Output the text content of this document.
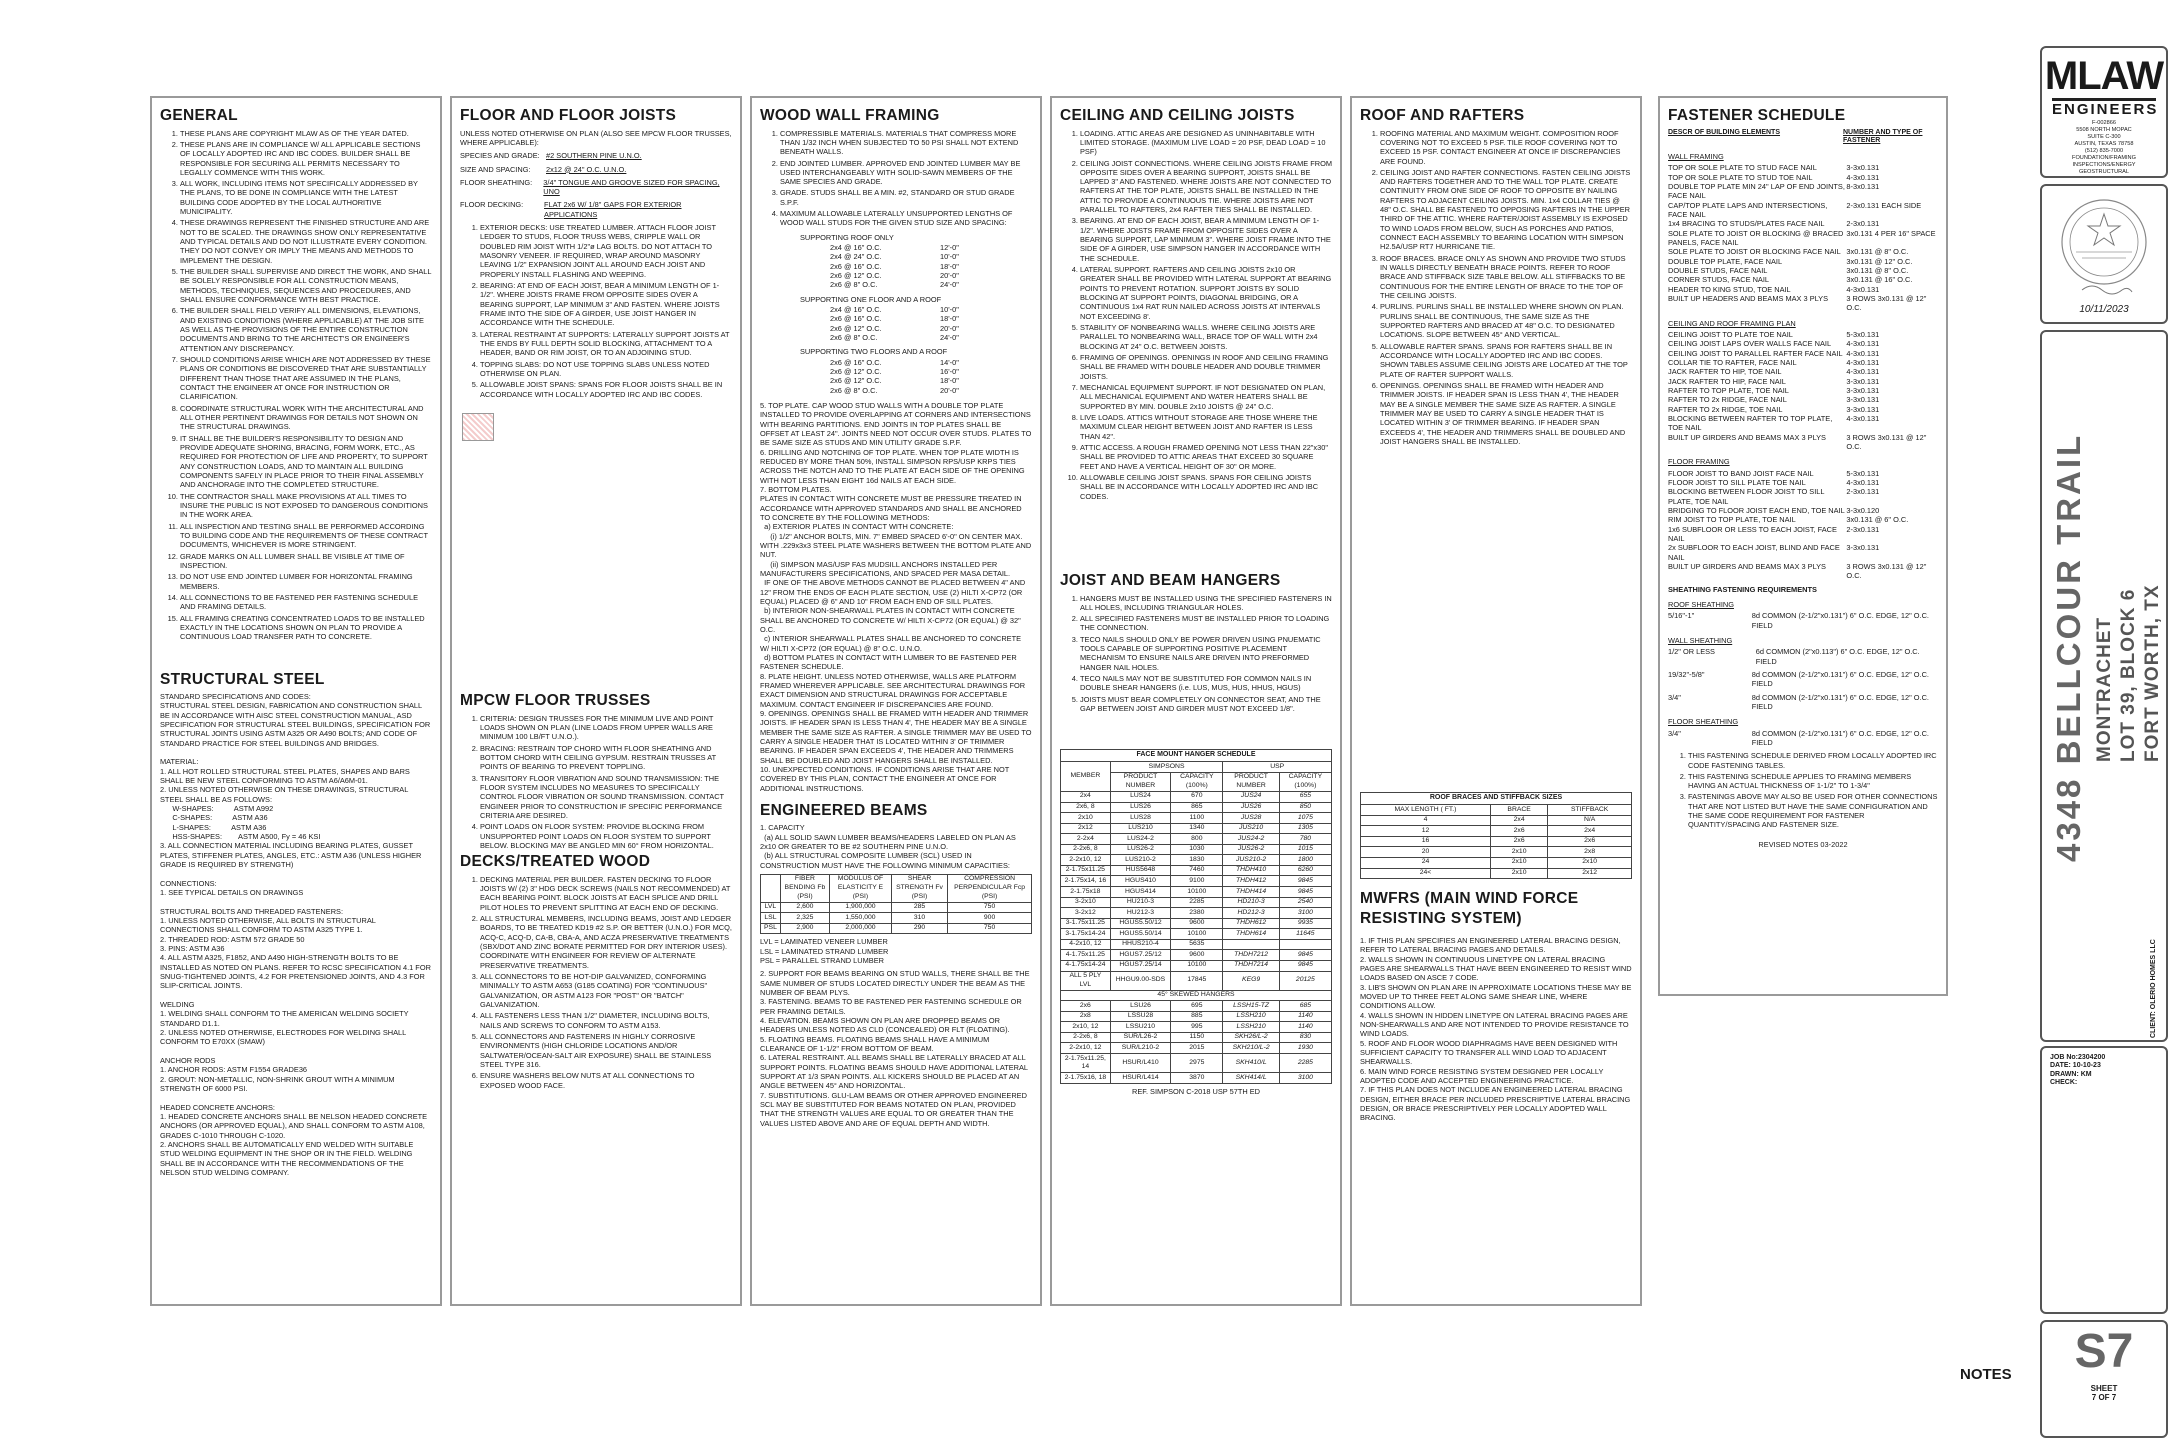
GENERAL
1. THESE PLANS ARE COPYRIGHT MLAW AS OF THE YEAR DATED.
2. THESE PLANS ARE IN COMPLIANCE W/ ALL APPLICABLE SECTIONS OF LOCALLY ADOPTED IRC AND IBC CODES. BUILDER SHALL BE RESPONSIBLE FOR SECURING ALL PERMITS NECESSARY TO LEGALLY COMMENCE WITH THIS WORK.
3. ALL WORK, INCLUDING ITEMS NOT SPECIFICALLY ADDRESSED BY THE PLANS, TO BE DONE IN COMPLIANCE WITH THE LATEST BUILDING CODE ADOPTED BY THE LOCAL AUTHORITIVE MUNICIPALITY.
4. THESE DRAWINGS REPRESENT THE FINISHED STRUCTURE AND ARE NOT TO BE SCALED. THE DRAWINGS SHOW ONLY REPRESENTATIVE AND TYPICAL DETAILS AND DO NOT ILLUSTRATE EVERY CONDITION. THEY DO NOT CONVEY OR IMPLY THE MEANS AND METHODS TO IMPLEMENT THE DESIGN.
5. THE BUILDER SHALL SUPERVISE AND DIRECT THE WORK, AND SHALL BE SOLELY RESPONSIBLE FOR ALL CONSTRUCTION MEANS, METHODS, TECHNIQUES, SEQUENCES AND PROCEDURES, AND SHALL ENSURE CONFORMANCE WITH BEST PRACTICE.
6. THE BUILDER SHALL FIELD VERIFY ALL DIMENSIONS, ELEVATIONS, AND EXISTING CONDITIONS (WHERE APPLICABLE) AT THE JOB SITE AS WELL AS THE PROVISIONS OF THE ENTIRE CONSTRUCTION DOCUMENTS AND BRING TO THE ARCHITECT'S OR ENGINEER'S ATTENTION ANY DISCREPANCY.
7. SHOULD CONDITIONS ARISE WHICH ARE NOT ADDRESSED BY THESE PLANS OR CONDITIONS BE DISCOVERED THAT ARE SUBSTANTIALLY DIFFERENT THAN THOSE THAT ARE ASSUMED IN THE PLANS, CONTACT THE ENGINEER AT ONCE FOR INSTRUCTION OR CLARIFICATION.
8. COORDINATE STRUCTURAL WORK WITH THE ARCHITECTURAL AND ALL OTHER PERTINENT DRAWINGS FOR DETAILS NOT SHOWN ON THE STRUCTURAL DRAWINGS.
9. IT SHALL BE THE BUILDER'S RESPONSIBILITY TO DESIGN AND PROVIDE ADEQUATE SHORING, BRACING, FORM WORK, ETC., AS REQUIRED FOR PROTECTION OF LIFE AND PROPERTY, TO SUPPORT ANY CONSTRUCTION LOADS, AND TO MAINTAIN ALL BUILDING COMPONENTS SAFELY IN PLACE PRIOR TO THEIR FINAL ASSEMBLY AND ANCHORAGE INTO THE COMPLETED STRUCTURE.
10. THE CONTRACTOR SHALL MAKE PROVISIONS AT ALL TIMES TO INSURE THE PUBLIC IS NOT EXPOSED TO DANGEROUS CONDITIONS IN THE WORK AREA.
11. ALL INSPECTION AND TESTING SHALL BE PERFORMED ACCORDING TO BUILDING CODE AND THE REQUIREMENTS OF THESE CONTRACT DOCUMENTS, WHICHEVER IS MORE STRINGENT.
12. GRADE MARKS ON ALL LUMBER SHALL BE VISIBLE AT TIME OF INSPECTION.
13. DO NOT USE END JOINTED LUMBER FOR HORIZONTAL FRAMING MEMBERS.
14. ALL CONNECTIONS TO BE FASTENED PER FASTENING SCHEDULE AND FRAMING DETAILS.
15. ALL FRAMING CREATING CONCENTRATED LOADS TO BE INSTALLED EXACTLY IN THE LOCATIONS SHOWN ON PLAN TO PROVIDE A CONTINUOUS LOAD TRANSFER PATH TO CONCRETE.
STRUCTURAL STEEL
STANDARD SPECIFICATIONS AND CODES:
STRUCTURAL STEEL DESIGN, FABRICATION AND CONSTRUCTION SHALL BE IN ACCORDANCE WITH AISC STEEL CONSTRUCTION MANUAL, ASD SPECIFICATION FOR STRUCTURAL STEEL BUILDINGS, SPECIFICATION FOR STRUCTURAL JOINTS USING ASTM A325 OR A490 BOLTS; AND CODE OF STANDARD PRACTICE FOR STEEL BUILDINGS AND BRIDGES.

MATERIAL:
1. ALL HOT ROLLED STRUCTURAL STEEL PLATES, SHAPES AND BARS SHALL BE NEW STEEL CONFORMING TO ASTM A6/A6M-01.
2. UNLESS NOTED OTHERWISE ON THESE DRAWINGS, STRUCTURAL STEEL SHALL BE AS FOLLOWS:
W-SHAPES:          ASTM A992
C-SHAPES:          ASTM A36
L-SHAPES:          ASTM A36
HSS-SHAPES:        ASTM A500, Fy = 46 KSI
3. ALL CONNECTION MATERIAL INCLUDING BEARING PLATES, GUSSET PLATES, STIFFENER PLATES, ANGLES, ETC.: ASTM A36 (UNLESS HIGHER GRADE IS REQUIRED BY STRENGTH)

CONNECTIONS:
1. SEE TYPICAL DETAILS ON DRAWINGS

STRUCTURAL BOLTS AND THREADED FASTENERS:
1. UNLESS NOTED OTHERWISE, ALL BOLTS IN STRUCTURAL CONNECTIONS SHALL CONFORM TO ASTM A325 TYPE 1.
2. THREADED ROD: ASTM 572 GRADE 50
3. PINS: ASTM A36
4. ALL ASTM A325, F1852, AND A490 HIGH-STRENGTH BOLTS TO BE INSTALLED AS NOTED ON PLANS. REFER TO RCSC SPECIFICATION 4.1 FOR SNUG-TIGHTENED JOINTS, 4.2 FOR PRETENSIONED JOINTS, AND 4.3 FOR SLIP-CRITICAL JOINTS.

WELDING
1. WELDING SHALL CONFORM TO THE AMERICAN WELDING SOCIETY STANDARD D1.1.
2. UNLESS NOTED OTHERWISE, ELECTRODES FOR WELDING SHALL CONFORM TO E70XX (SMAW)

ANCHOR RODS
1. ANCHOR RODS: ASTM F1554 GRADE36
2. GROUT: NON-METALLIC, NON-SHRINK GROUT WITH A MINIMUM STRENGTH OF 6000 PSI.

HEADED CONCRETE ANCHORS:
1. HEADED CONCRETE ANCHORS SHALL BE NELSON HEADED CONCRETE ANCHORS (OR APPROVED EQUAL), AND SHALL CONFORM TO ASTM A108, GRADES C-1010 THROUGH C-1020.
2. ANCHORS SHALL BE AUTOMATICALLY END WELDED WITH SUITABLE STUD WELDING EQUIPMENT IN THE SHOP OR IN THE FIELD. WELDING SHALL BE IN ACCORDANCE WITH THE RECOMMENDATIONS OF THE NELSON STUD WELDING COMPANY.
FLOOR AND FLOOR JOISTS
UNLESS NOTED OTHERWISE ON PLAN (ALSO SEE MPCW FLOOR TRUSSES, WHERE APPLICABLE):
SPECIES AND GRADE: #2 SOUTHERN PINE U.N.O.
SIZE AND SPACING:	2x12 @ 24" O.C. U.N.O.
FLOOR SHEATHING:	3/4" TONGUE AND GROOVE SIZED FOR SPACING, UNO
FLOOR DECKING:	FLAT 2x6 W/ 1/8" GAPS FOR EXTERIOR APPLICATIONS
1. EXTERIOR DECKS: USE TREATED LUMBER. ATTACH FLOOR JOIST LEDGER TO STUDS, FLOOR TRUSS WEBS, CRIPPLE WALL OR DOUBLED RIM JOIST WITH 1/2"ø LAG BOLTS. DO NOT ATTACH TO MASONRY VENEER. IF REQUIRED, WRAP AROUND MASONRY LEAVING 1/2" EXPANSION JOINT ALL AROUND EACH JOIST AND PROPERLY INSTALL FLASHING AND WEEPING.
2. BEARING: AT END OF EACH JOIST, BEAR A MINIMUM LENGTH OF 1-1/2". WHERE JOISTS FRAME FROM OPPOSITE SIDES OVER A BEARING SUPPORT, LAP MINIMUM 3" AND FASTEN. WHERE JOISTS FRAME INTO THE SIDE OF A GIRDER, USE JOIST HANGER IN ACCORDANCE WITH THE SCHEDULE.
3. LATERAL RESTRAINT AT SUPPORTS: LATERALLY SUPPORT JOISTS AT THE ENDS BY FULL DEPTH SOLID BLOCKING, ATTACHMENT TO A HEADER, BAND OR RIM JOIST, OR TO AN ADJOINING STUD.
4. TOPPING SLABS: DO NOT USE TOPPING SLABS UNLESS NOTED OTHERWISE ON PLAN.
5. ALLOWABLE JOIST SPANS: SPANS FOR FLOOR JOISTS SHALL BE IN ACCORDANCE WITH LOCALLY ADOPTED IRC AND IBC CODES.
MPCW FLOOR TRUSSES
1. CRITERIA: DESIGN TRUSSES FOR THE MINIMUM LIVE AND POINT LOADS SHOWN ON PLAN (LINE LOADS FROM UPPER WALLS ARE MINIMUM 100 LB/FT U.N.O.).
2. BRACING: RESTRAIN TOP CHORD WITH FLOOR SHEATHING AND BOTTOM CHORD WITH CEILING GYPSUM. RESTRAIN TRUSSES AT POINTS OF BEARING TO PREVENT TOPPLING.
3. TRANSITORY FLOOR VIBRATION AND SOUND TRANSMISSION: THE FLOOR SYSTEM INCLUDES NO MEASURES TO SPECIFICALLY CONTROL FLOOR VIBRATION OR SOUND TRANSMISSION. CONTACT ENGINEER PRIOR TO CONSTRUCTION IF SPECIFIC PERFORMANCE CRITERIA ARE DESIRED.
4. POINT LOADS ON FLOOR SYSTEM: PROVIDE BLOCKING FROM UNSUPPORTED POINT LOADS ON FLOOR SYSTEM TO SUPPORT BELOW. BLOCKING MAY BE ANGLED MIN 60° FROM HORIZONTAL.
DECKS/TREATED WOOD
1. DECKING MATERIAL PER BUILDER. FASTEN DECKING TO FLOOR JOISTS W/ (2) 3" HDG DECK SCREWS (NAILS NOT RECOMMENDED) AT EACH BEARING POINT. BLOCK JOISTS AT EACH SPLICE AND DRILL PILOT HOLES TO PREVENT SPLITTING AT EACH END OF DECKING.
2. ALL STRUCTURAL MEMBERS, INCLUDING BEAMS, JOIST AND LEDGER BOARDS, TO BE TREATED KD19 #2 S.P. OR BETTER (U.N.O.) FOR MCQ, ACQ-C, ACQ-D, CA-B, CBA-A, AND ACZA PRESERVATIVE TREATMENTS (SBX/DOT AND ZINC BORATE PERMITTED FOR DRY INTERIOR USES). COORDINATE WITH ENGINEER FOR REVIEW OF ALTERNATE PRESERVATIVE TREATMENTS.
3. ALL CONNECTORS TO BE HOT-DIP GALVANIZED, CONFORMING MINIMALLY TO ASTM A653 (G185 COATING) FOR "CONTINUOUS" GALVANIZATION, OR ASTM A123 FOR "POST" OR "BATCH" GALVANIZATION.
4. ALL FASTENERS LESS THAN 1/2" DIAMETER, INCLUDING BOLTS, NAILS AND SCREWS TO CONFORM TO ASTM A153.
5. ALL CONNECTORS AND FASTENERS IN HIGHLY CORROSIVE ENVIRONMENTS (HIGH CHLORIDE LOCATIONS AND/OR SALTWATER/OCEAN-SALT AIR EXPOSURE) SHALL BE STAINLESS STEEL TYPE 316.
6. ENSURE WASHERS BELOW NUTS AT ALL CONNECTIONS TO EXPOSED WOOD FACE.
WOOD WALL FRAMING
1. COMPRESSIBLE MATERIALS. MATERIALS THAT COMPRESS MORE THAN 1/32 INCH WHEN SUBJECTED TO 50 PSI SHALL NOT EXTEND BENEATH WALLS.
2. END JOINTED LUMBER. APPROVED END JOINTED LUMBER MAY BE USED INTERCHANGEABLY WITH SOLID-SAWN MEMBERS OF THE SAME SPECIES AND GRADE.
3. GRADE. STUDS SHALL BE A MIN. #2, STANDARD OR STUD GRADE S.P.F.
4. MAXIMUM ALLOWABLE LATERALLY UNSUPPORTED LENGTHS OF WOOD WALL STUDS FOR THE GIVEN STUD SIZE AND SPACING:
SUPPORTING ROOF ONLY
2x4 @ 16" O.C.	12'-0"
2x4 @ 24" O.C.	10'-0"
2x6 @ 16" O.C.	18'-0"
2x6 @ 12" O.C.	20'-0"
2x6 @ 8" O.C.	24'-0"
SUPPORTING ONE FLOOR AND A ROOF
2x4 @ 16" O.C.	10'-0"
2x6 @ 16" O.C.	18'-0"
2x6 @ 12" O.C.	20'-0"
2x6 @ 8" O.C.	24'-0"
SUPPORTING TWO FLOORS AND A ROOF
2x6 @ 16" O.C.	14'-0"
2x6 @ 12" O.C.	16'-0"
2x6 @ 12" O.C.	18'-0"
2x6 @ 8" O.C.	20'-0"
5. TOP PLATE. CAP WOOD STUD WALLS WITH A DOUBLE TOP PLATE INSTALLED TO PROVIDE OVERLAPPING AT CORNERS AND INTERSECTIONS WITH BEARING PARTITIONS. END JOINTS IN TOP PLATES SHALL BE OFFSET AT LEAST 24". JOINTS NEED NOT OCCUR OVER STUDS. PLATES TO BE SAME SIZE AS STUDS AND MIN UTILITY GRADE S.P.F.
6. DRILLING AND NOTCHING OF TOP PLATE. WHEN TOP PLATE WIDTH IS REDUCED BY MORE THAN 50%, INSTALL SIMPSON RPS/USP KRPS TIES ACROSS THE NOTCH AND TO THE PLATE AT EACH SIDE OF THE OPENING WITH NOT LESS THAN EIGHT 16d NAILS AT EACH SIDE.
7. BOTTOM PLATES.
PLATES IN CONTACT WITH CONCRETE MUST BE PRESSURE TREATED IN ACCORDANCE WITH APPROVED STANDARDS AND SHALL BE ANCHORED TO CONCRETE BY THE FOLLOWING METHODS:
a) EXTERIOR PLATES IN CONTACT WITH CONCRETE:
(i) 1/2" ANCHOR BOLTS, MIN. 7" EMBED SPACED 6'-0" ON CENTER MAX. WITH .229x3x3 STEEL PLATE WASHERS BETWEEN THE BOTTOM PLATE AND NUT.
(ii) SIMPSON MAS/USP FAS MUDSILL ANCHORS INSTALLED PER MANUFACTURERS SPECIFICATIONS, AND SPACED PER MASA DETAIL.
IF ONE OF THE ABOVE METHODS CANNOT BE PLACED BETWEEN 4" AND 12" FROM THE ENDS OF EACH PLATE SECTION, USE (2) HILTI X-CP72 (OR EQUAL) PLACED @ 6" AND 10" FROM EACH END OF SILL PLATES.
b) INTERIOR NON-SHEARWALL PLATES IN CONTACT WITH CONCRETE SHALL BE ANCHORED TO CONCRETE W/ HILTI X-CP72 (OR EQUAL) @ 32" O.C.
c) INTERIOR SHEARWALL PLATES SHALL BE ANCHORED TO CONCRETE W/ HILTI X-CP72 (OR EQUAL) @ 8" O.C. U.N.O.
d) BOTTOM PLATES IN CONTACT WITH LUMBER TO BE FASTENED PER FASTENER SCHEDULE.
8. PLATE HEIGHT. UNLESS NOTED OTHERWISE, WALLS ARE PLATFORM FRAMED WHEREVER APPLICABLE. SEE ARCHITECTURAL DRAWINGS FOR EXACT DIMENSION AND STRUCTURAL DRAWINGS FOR ACCEPTABLE MAXIMUM. CONTACT ENGINEER IF DISCREPANCIES ARE FOUND.
9. OPENINGS. OPENINGS SHALL BE FRAMED WITH HEADER AND TRIMMER JOISTS. IF HEADER SPAN IS LESS THAN 4', THE HEADER MAY BE A SINGLE MEMBER THE SAME SIZE AS RAFTER. A SINGLE TRIMMER MAY BE USED TO CARRY A SINGLE HEADER THAT IS LOCATED WITHIN 3' OF TRIMMER BEARING. IF HEADER SPAN EXCEEDS 4', THE HEADER AND TRIMMERS SHALL BE DOUBLED AND JOIST HANGERS SHALL BE INSTALLED.
10. UNEXPECTED CONDITIONS. IF CONDITIONS ARISE THAT ARE NOT COVERED BY THIS PLAN, CONTACT THE ENGINEER AT ONCE FOR ADDITIONAL INSTRUCTIONS.
ENGINEERED BEAMS
1. CAPACITY
(a) ALL SOLID SAWN LUMBER BEAMS/HEADERS LABELED ON PLAN AS 2x10 OR GREATER TO BE #2 SOUTHERN PINE U.N.O.
(b) ALL STRUCTURAL COMPOSITE LUMBER (SCL) USED IN CONSTRUCTION MUST HAVE THE FOLLOWING MINIMUM CAPACITIES:
	FIBER BENDING Fb (PSI)	MODULUS OF ELASTICITY E (PSI)	SHEAR STRENGTH Fv (PSI)	COMPRESSION PERPENDICULAR Fcp (PSI)
LVL	2,600	1,900,000	285	750
LSL	2,325	1,550,000	310	900
PSL	2,900	2,000,000	290	750
LVL = LAMINATED VENEER LUMBER
LSL = LAMINATED STRAND LUMBER
PSL = PARALLEL STRAND LUMBER
2. SUPPORT FOR BEAMS BEARING ON STUD WALLS, THERE SHALL BE THE SAME NUMBER OF STUDS LOCATED DIRECTLY UNDER THE BEAM AS THE NUMBER OF BEAM PLYS.
3. FASTENING. BEAMS TO BE FASTENED PER FASTENING SCHEDULE OR PER FRAMING DETAILS.
4. ELEVATION. BEAMS SHOWN ON PLAN ARE DROPPED BEAMS OR HEADERS UNLESS NOTED AS CLD (CONCEALED) OR FLT (FLOATING).
5. FLOATING BEAMS. FLOATING BEAMS SHALL HAVE A MINIMUM CLEARANCE OF 1-1/2" FROM BOTTOM OF BEAM.
6. LATERAL RESTRAINT. ALL BEAMS SHALL BE LATERALLY BRACED AT ALL SUPPORT POINTS. FLOATING BEAMS SHOULD HAVE ADDITIONAL LATERAL SUPPORT AT 1/3 SPAN POINTS. ALL KICKERS SHOULD BE PLACED AT AN ANGLE BETWEEN 45° AND HORIZONTAL.
7. SUBSTITUTIONS. GLU-LAM BEAMS OR OTHER APPROVED ENGINEERED SCL MAY BE SUBSTITUTED FOR BEAMS NOTATED ON PLAN, PROVIDED THAT THE STRENGTH VALUES ARE EQUAL TO OR GREATER THAN THE VALUES LISTED ABOVE AND ARE OF EQUAL DEPTH AND WIDTH.
CEILING AND CEILING JOISTS
1. LOADING. ATTIC AREAS ARE DESIGNED AS UNINHABITABLE WITH LIMITED STORAGE. (MAXIMUM LIVE LOAD = 20 PSF, DEAD LOAD = 10 PSF)
2. CEILING JOIST CONNECTIONS. WHERE CEILING JOISTS FRAME FROM OPPOSITE SIDES OVER A BEARING SUPPORT, JOISTS SHALL BE LAPPED 3" AND FASTENED. WHERE JOISTS ARE NOT CONNECTED TO RAFTERS AT THE TOP PLATE, JOISTS SHALL BE INSTALLED IN THE ATTIC TO PROVIDE A CONTINUOUS TIE. WHERE JOISTS ARE NOT PARALLEL TO RAFTERS, 2x4 RAFTER TIES SHALL BE INSTALLED.
3. BEARING. AT END OF EACH JOIST, BEAR A MINIMUM LENGTH OF 1-1/2". WHERE JOISTS FRAME FROM OPPOSITE SIDES OVER A BEARING SUPPORT, LAP MINIMUM 3". WHERE JOIST FRAME INTO THE SIDE OF A GIRDER, USE SIMPSON HANGER IN ACCORDANCE WITH THE SCHEDULE.
4. LATERAL SUPPORT. RAFTERS AND CEILING JOISTS 2x10 OR GREATER SHALL BE PROVIDED WITH LATERAL SUPPORT AT BEARING POINTS TO PREVENT ROTATION. SUPPORT JOISTS BY SOLID BLOCKING AT SUPPORT POINTS, DIAGONAL BRIDGING, OR A CONTINUOUS 1x4 RAT RUN NAILED ACROSS JOISTS AT INTERVALS NOT EXCEEDING 8'.
5. STABILITY OF NONBEARING WALLS. WHERE CEILING JOISTS ARE PARALLEL TO NONBEARING WALL, BRACE TOP OF WALL WITH 2x4 BLOCKING AT 24" O.C. BETWEEN JOISTS.
6. FRAMING OF OPENINGS. OPENINGS IN ROOF AND CEILING FRAMING SHALL BE FRAMED WITH DOUBLE HEADER AND DOUBLE TRIMMER JOISTS.
7. MECHANICAL EQUIPMENT SUPPORT. IF NOT DESIGNATED ON PLAN, ALL MECHANICAL EQUIPMENT AND WATER HEATERS SHALL BE SUPPORTED BY MIN. DOUBLE 2x10 JOISTS @ 24" O.C.
8. LIVE LOADS. ATTICS WITHOUT STORAGE ARE THOSE WHERE THE MAXIMUM CLEAR HEIGHT BETWEEN JOIST AND RAFTER IS LESS THAN 42".
9. ATTIC ACCESS. A ROUGH FRAMED OPENING NOT LESS THAN 22"x30" SHALL BE PROVIDED TO ATTIC AREAS THAT EXCEED 30 SQUARE FEET AND HAVE A VERTICAL HEIGHT OF 30" OR MORE.
10. ALLOWABLE CEILING JOIST SPANS. SPANS FOR CEILING JOISTS SHALL BE IN ACCORDANCE WITH LOCALLY ADOPTED IRC AND IBC CODES.
JOIST AND BEAM HANGERS
1. HANGERS MUST BE INSTALLED USING THE SPECIFIED FASTENERS IN ALL HOLES, INCLUDING TRIANGULAR HOLES.
2. ALL SPECIFIED FASTENERS MUST BE INSTALLED PRIOR TO LOADING THE CONNECTION.
3. TECO NAILS SHOULD ONLY BE POWER DRIVEN USING PNUEMATIC TOOLS CAPABLE OF SUPPORTING POSITIVE PLACEMENT MECHANISM TO ENSURE NAILS ARE DRIVEN INTO PREFORMED HANGER NAIL HOLES.
4. TECO NAILS MAY NOT BE SUBSTITUTED FOR COMMON NAILS IN DOUBLE SHEAR HANGERS (i.e. LUS, MUS, HUS, HHUS, HGUS)
5. JOISTS MUST BEAR COMPLETELY ON CONNECTOR SEAT, AND THE GAP BETWEEN JOIST AND GIRDER MUST NOT EXCEED 1/8".
FACE MOUNT HANGER SCHEDULE
MEMBER	SIMPSONS		USP	
	PRODUCT NUMBER	CAPACITY (100%)	PRODUCT NUMBER	CAPACITY (100%)
2x4	LUS24	670	JUS24	655
2x6, 8	LUS26	865	JUS26	850
2x10	LUS28	1100	JUS28	1075
2x12	LUS210	1340	JUS210	1305
2-2x4	LUS24-2	800	JUS24-2	780
2-2x6, 8	LUS26-2	1030	JUS26-2	1015
2-2x10, 12	LUS210-2	1830	JUS210-2	1800
2-1.75x11.25	HUS5648	7460	THDH410	6260
2-1.75x14, 16	HGUS410	9100	THDH412	9845
2-1.75x18	HGUS414	10100	THDH414	9845
3-2x10	HU210-3	2285	HD210-3	2540
3-2x12	HU212-3	2380	HD212-3	3100
3-1.75x11.25	HGUS5.50/12	9600	THDH612	9935
3-1.75x14-24	HGUS5.50/14	10100	THDH614	11645
4-2x10, 12	HHUS210-4	5635		
4-1.75x11.25	HGUS7.25/12	9600	THDH7212	9845
4-1.75x14-24	HGUS7.25/14	10100	THDH7214	9845
ALL 5 PLY LVL	HHGU9.00-SDS	17845	KEG9	20125
45° SKEWED HANGERS				
2x6	LSU26	695	LSSH15-TZ	685
2x8	LSSU28	885	LSSH210	1140
2x10, 12	LSSU210	995	LSSH210	1140
2-2x6, 8	SUR/L26-2	1150	SKH26/L-2	830
2-2x10, 12	SUR/L210-2	2015	SKH210/L-2	1930
2-1.75x11.25, 14	HSUR/L410	2975	SKH410/L	2285
2-1.75x16, 18	HSUR/L414	3870	SKH414/L	3100
REF. SIMPSON C-2018 USP 57TH ED
ROOF AND RAFTERS
1. ROOFING MATERIAL AND MAXIMUM WEIGHT. COMPOSITION ROOF COVERING NOT TO EXCEED 5 PSF. TILE ROOF COVERING NOT TO EXCEED 15 PSF. CONTACT ENGINEER AT ONCE IF DISCREPANCIES ARE FOUND.
2. CEILING JOIST AND RAFTER CONNECTIONS. FASTEN CEILING JOISTS AND RAFTERS TOGETHER AND TO THE WALL TOP PLATE. CREATE CONTINUITY FROM ONE SIDE OF ROOF TO OPPOSITE BY NAILING RAFTERS TO ADJACENT CEILING JOISTS. MIN. 1x4 COLLAR TIES @ 48" O.C. SHALL BE FASTENED TO OPPOSING RAFTERS IN THE UPPER THIRD OF THE ATTIC. WHERE RAFTER/JOIST ASSEMBLY IS EXPOSED TO WIND LOADS FROM BELOW, SUCH AS PORCHES AND PATIOS, CONNECT EACH ASSEMBLY TO BEARING LOCATION WITH SIMPSON H2.5A/USP RT7 HURRICANE TIE.
3. ROOF BRACES. BRACE ONLY AS SHOWN AND PROVIDE TWO STUDS IN WALLS DIRECTLY BENEATH BRACE POINTS. REFER TO ROOF BRACE AND STIFFBACK SIZE TABLE BELOW. ALL STIFFBACKS TO BE CONTINUOUS FOR THE ENTIRE LENGTH OF BRACE TO THE TOP OF THE CEILING JOISTS.
4. PURLINS. PURLINS SHALL BE INSTALLED WHERE SHOWN ON PLAN. PURLINS SHALL BE CONTINUOUS, THE SAME SIZE AS THE SUPPORTED RAFTERS AND BRACED AT 48" O.C. TO DESIGNATED LOCATIONS. SLOPE BETWEEN 45° AND VERTICAL.
5. ALLOWABLE RAFTER SPANS. SPANS FOR RAFTERS SHALL BE IN ACCORDANCE WITH LOCALLY ADOPTED IRC AND IBC CODES. SHOWN TABLES ASSUME CEILING JOISTS ARE LOCATED AT THE TOP PLATE OF RAFTER SUPPORT WALLS.
6. OPENINGS. OPENINGS SHALL BE FRAMED WITH HEADER AND TRIMMER JOISTS. IF HEADER SPAN IS LESS THAN 4', THE HEADER MAY BE A SINGLE MEMBER THE SAME SIZE AS RAFTER. A SINGLE TRIMMER MAY BE USED TO CARRY A SINGLE HEADER THAT IS LOCATED WITHIN 3' OF TRIMMER BEARING. IF HEADER SPAN EXCEEDS 4', THE HEADER AND TRIMMERS SHALL BE DOUBLED AND JOIST HANGERS SHALL BE INSTALLED.
ROOF BRACES AND STIFFBACK SIZES
MAX LENGTH ( FT.)	BRACE	STIFFBACK
4	2x4	N/A
12	2x6	2x4
16	2x6	2x6
20	2x10	2x8
24	2x10	2x10
24<	2x10	2x12
MWFRS (MAIN WIND FORCE RESISTING SYSTEM)
1. IF THIS PLAN SPECIFIES AN ENGINEERED LATERAL BRACING DESIGN, REFER TO LATERAL BRACING PAGES AND DETAILS.
2. WALLS SHOWN IN CONTINUOUS LINETYPE ON LATERAL BRACING PAGES ARE SHEARWALLS THAT HAVE BEEN ENGINEERED TO RESIST WIND LOADS BASED ON ASCE 7 CODE.
3. LIB'S SHOWN ON PLAN ARE IN APPROXIMATE LOCATIONS THESE MAY BE MOVED UP TO THREE FEET ALONG SAME SHEAR LINE, WHERE CONDITIONS ALLOW.
4. WALLS SHOWN IN HIDDEN LINETYPE ON LATERAL BRACING PAGES ARE NON-SHEARWALLS AND ARE NOT INTENDED TO PROVIDE RESISTANCE TO WIND LOADS.
5. ROOF AND FLOOR WOOD DIAPHRAGMS HAVE BEEN DESIGNED WITH SUFFICIENT CAPACITY TO TRANSFER ALL WIND LOAD TO ADJACENT SHEARWALLS.
6. MAIN WIND FORCE RESISTING SYSTEM DESIGNED PER LOCALLY ADOPTED CODE AND ACCEPTED ENGINEERING PRACTICE.
7. IF THIS PLAN DOES NOT INCLUDE AN ENGINEERED LATERAL BRACING DESIGN, EITHER BRACE PER INCLUDED PRESCRIPTIVE LATERAL BRACING DESIGN, OR BRACE PRESCRIPTIVELY PER LOCALLY ADOPTED WALL BRACING.
FASTENER SCHEDULE
DESCR OF BUILDING ELEMENTS	NUMBER AND TYPE OF FASTENER
WALL FRAMING
TOP OR SOLE PLATE TO STUD FACE NAIL	3-3x0.131
TOP OR SOLE PLATE TO STUD TOE NAIL	4-3x0.131
DOUBLE TOP PLATE MIN 24" LAP OF END JOINTS, FACE NAIL
8-3x0.131
CAP/TOP PLATE LAPS AND INTERSECTIONS, FACE NAIL
2-3x0.131 EACH SIDE
1x4 BRACING TO STUDS/PLATES FACE NAIL	2-3x0.131
SOLE PLATE TO JOIST OR BLOCKING @ BRACED PANELS, FACE NAIL
3x0.131 4 PER 16" SPACE
SOLE PLATE TO JOIST OR BLOCKING FACE NAIL 3x0.131 @ 8" O.C.
DOUBLE TOP PLATE, FACE NAIL	3x0.131 @ 12" O.C.
DOUBLE STUDS, FACE NAIL	3x0.131 @ 8" O.C.
CORNER STUDS, FACE NAIL	3x0.131 @ 16" O.C.
HEADER TO KING STUD, TOE NAIL	4-3x0.131
BUILT UP HEADERS AND BEAMS MAX 3 PLYS	3 ROWS 3x0.131 @ 12" O.C.
CEILING AND ROOF FRAMING PLAN
CEILING JOIST TO PLATE TOE NAIL	5-3x0.131
CEILING JOIST LAPS OVER WALLS FACE NAIL	4-3x0.131
CEILING JOIST TO PARALLEL RAFTER FACE NAIL 4-3x0.131
COLLAR TIE TO RAFTER, FACE NAIL	4-3x0.131
JACK RAFTER TO HIP, TOE NAIL	4-3x0.131
JACK RAFTER TO HIP, FACE NAIL	3-3x0.131
RAFTER TO TOP PLATE, TOE NAIL	3-3x0.131
RAFTER TO 2x RIDGE, FACE NAIL	3-3x0.131
RAFTER TO 2x RIDGE, TOE NAIL	3-3x0.131
BLOCKING BETWEEN RAFTER TO TOP PLATE, TOE NAIL
4-3x0.131
BUILT UP GIRDERS AND BEAMS MAX 3 PLYS	3 ROWS 3x0.131 @ 12" O.C.
FLOOR FRAMING
FLOOR JOIST TO BAND JOIST FACE NAIL	5-3x0.131
FLOOR JOIST TO SILL PLATE TOE NAIL	4-3x0.131
BLOCKING BETWEEN FLOOR JOIST TO SILL PLATE, TOE NAIL
2-3x0.131
BRIDGING TO FLOOR JOIST EACH END, TOE NAIL 3-3x0.120
RIM JOIST TO TOP PLATE, TOE NAIL	3x0.131 @ 6" O.C.
1x6 SUBFLOOR OR LESS TO EACH JOIST, FACE NAIL
2-3x0.131
2x SUBFLOOR TO EACH JOIST, BLIND AND FACE NAIL
3-3x0.131
BUILT UP GIRDERS AND BEAMS MAX 3 PLYS	3 ROWS 3x0.131 @ 12" O.C.
SHEATHING FASTENING REQUIREMENTS
ROOF SHEATHING
5/16"-1"	8d COMMON (2-1/2"x0.131") 6" O.C. EDGE, 12" O.C. FIELD
WALL SHEATHING
1/2" OR LESS	6d COMMON (2"x0.113") 6" O.C. EDGE, 12" O.C. FIELD
19/32"-5/8"	8d COMMON (2-1/2"x0.131") 6" O.C. EDGE, 12" O.C. FIELD
3/4"	8d COMMON (2-1/2"x0.131") 6" O.C. EDGE, 12" O.C. FIELD
FLOOR SHEATHING
3/4"	8d COMMON (2-1/2"x0.131") 6" O.C. EDGE, 12" O.C. FIELD
1. THIS FASTENING SCHEDULE DERIVED FROM LOCALLY ADOPTED IRC CODE FASTENING TABLES.
2. THIS FASTENING SCHEDULE APPLIES TO FRAMING MEMBERS HAVING AN ACTUAL THICKNESS OF 1-1/2" TO 1-3/4"
3. FASTENINGS ABOVE MAY ALSO BE USED FOR OTHER CONNECTIONS THAT ARE NOT LISTED BUT HAVE THE SAME CONFIGURATION AND THE SAME CODE REQUIREMENT FOR FASTENER QUANTITY/SPACING AND FASTENER SIZE.
REVISED NOTES 03-2022
MLAW
ENGINEERS
F-002866
5508 NORTH MOPAC
SUITE C-300
AUSTIN, TEXAS 78758
(512) 835-7000
FOUNDATION/FRAMING
INSPECTIONS/ENERGY
GEOSTRUCTURAL
10/11/2023
4348 BELLCOUR TRAIL MONTRACHET LOT 39, BLOCK 6 FORT WORTH, TX
CLIENT: OLERIO HOMES LLC
JOB No:2304200
DATE: 10-10-23
DRAWN: KM
CHECK:
S7
SHEET
7 OF 7
NOTES
